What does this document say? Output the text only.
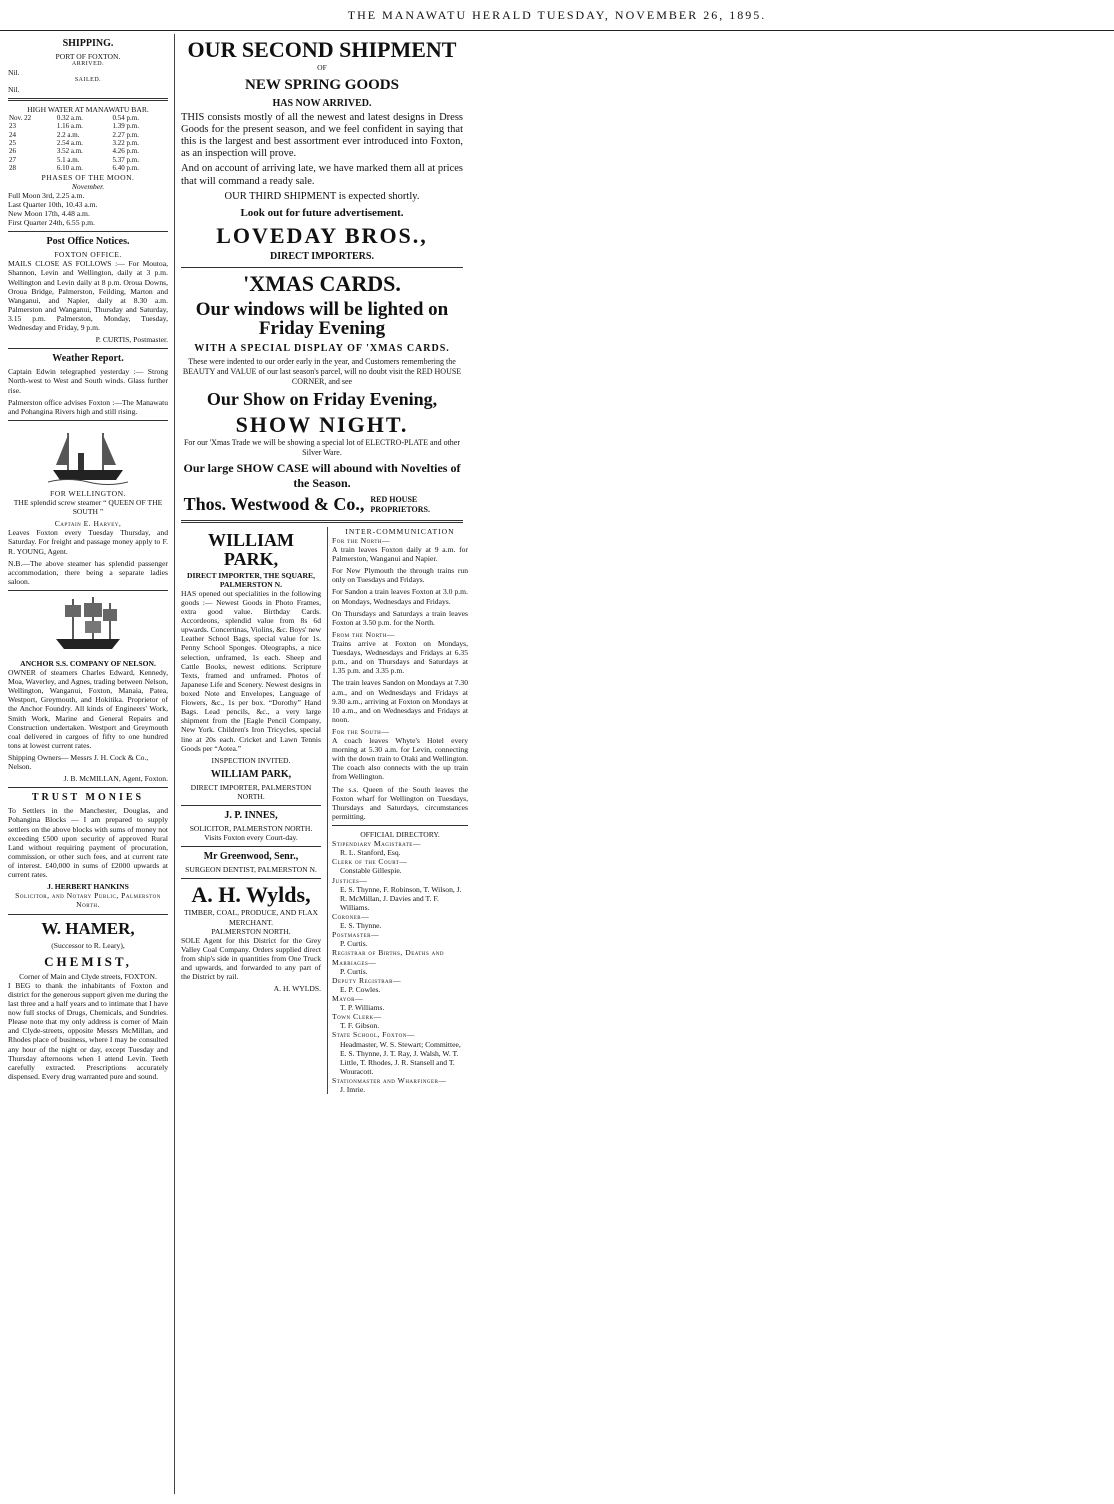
THE MANAWATU HERALD TUESDAY, NOVEMBER 26, 1895.
SHIPPING.
PORT OF FOXTON.
ARRIVED.
Nil.
SAILED.
Nil.
HIGH WATER AT MANAWATU BAR.
Nov. 22	0.32 a.m.	0.54 p.m.
23	1.16 a.m.	1.39 p.m.
24	2.2 a.m.	2.27 p.m.
25	2.54 a.m.	3.22 p.m.
26	3.52 a.m.	4.26 p.m.
27	5.1 a.m.	5.37 p.m.
28	6.10 a.m.	6.40 p.m.
PHASES OF THE MOON.
November.
Full Moon 3rd, 2.25 a.m.
Last Quarter 10th, 10.43 a.m.
New Moon 17th, 4.48 a.m.
First Quarter 24th, 6.55 p.m.
Post Office Notices.
FOXTON OFFICE.

MAILS CLOSE AS FOLLOWS :— For Moutoa, Shannon, Levin and Wellington, daily at 3 p.m. Wellington and Levin daily at 8 p.m. Oroua Downs, Oroua Bridge, Palmerston, Feilding, Marton and Wanganui, and Napier, daily at 8.30 a.m. Palmerston and Wanganui, Thursday and Saturday, 3.15 p.m. Palmerston, Monday, Tuesday, Wednesday and Friday, 9 p.m.

P. CURTIS, Postmaster.
Weather Report.

Captain Edwin telegraphed yesterday :— Strong North-west to West and South winds. Glass further rise.

Palmerston office advises Foxton :—The Manawatu and Pohangina Rivers high and still rising.

FOR WELLINGTON.

THE splendid screw steamer “ QUEEN OF THE SOUTH ”

Captain E. Harvey,

Leaves Foxton every Tuesday Thursday, and Saturday. For freight and passage money apply to F. R. YOUNG, Agent.

N.B.—The above steamer has splendid passenger accommodation, there being a separate ladies saloon.

ANCHOR S.S. COMPANY OF NELSON.

OWNER of steamers Charles Edward, Kennedy, Moa, Waverley, and Agnes, trading between Nelson, Wellington, Wanganui, Foxton, Manaia, Patea, Westport, Greymouth, and Hokitika. Proprietor of the Anchor Foundry. All kinds of Engineers' Work, Smith Work, Marine and General Repairs and Construction undertaken. Westport and Greymouth coal delivered in cargoes of fifty to one hundred tons at lowest current rates.

Shipping Owners— Messrs J. H. Cock & Co., Nelson.

J. B. McMILLAN, Agent, Foxton.
TRUST MONIES

To Settlers in the Manchester, Douglas, and Pohangina Blocks — I am prepared to supply settlers on the above blocks with sums of money not exceeding £500 upon security of approved Rural Land without requiring payment of procuration, commission, or other such fees, and at current rate of interest. £40,000 in sums of £2000 upwards at current rates.

J. HERBERT HANKINS
Solicitor, and Notary Public, Palmerston North.
W. HAMER,
(Successor to R. Leary),
CHEMIST,
Corner of Main and Clyde streets, FOXTON.

I BEG to thank the inhabitants of Foxton and district for the generous support given me during the last three and a half years and to intimate that I have now full stocks of Drugs, Chemicals, and Sundries. Please note that my only address is corner of Main and Clyde-streets, opposite Messrs McMillan, and Rhodes place of business, where I may be consulted any hour of the night or day, except Tuesday and Thursday afternoons when I attend Levin. Teeth carefully extracted. Prescriptions accurately dispensed. Every drug warranted pure and sound.

OUR SECOND SHIPMENT
OF
NEW SPRING GOODS
HAS NOW ARRIVED.

THIS consists mostly of all the newest and latest designs in Dress Goods for the present season, and we feel confident in saying that this is the largest and best assortment ever introduced into Foxton, as an inspection will prove.

And on account of arriving late, we have marked them all at prices that will command a ready sale.

OUR THIRD SHIPMENT is expected shortly.
Look out for future advertisement.
LOVEDAY BROS.,
DIRECT IMPORTERS.
'XMAS CARDS.
Our windows will be lighted on Friday Evening
WITH A SPECIAL DISPLAY OF 'XMAS CARDS.

These were indented to our order early in the year, and Customers remembering the BEAUTY and VALUE of our last season's parcel, will no doubt visit the RED HOUSE CORNER, and see

Our Show on Friday Evening,
SHOW NIGHT.

For our 'Xmas Trade we will be showing a special lot of ELECTRO-PLATE and other Silver Ware.

Our large SHOW CASE will abound with Novelties of the Season.
Thos. Westwood & Co., RED HOUSE PROPRIETORS.
WILLIAM PARK,
DIRECT IMPORTER, THE SQUARE, PALMERSTON N.

HAS opened out specialities in the following goods :— Newest Goods in Photo Frames, extra good value. Birthday Cards. Accordeons, splendid value from 8s 6d upwards. Concertinas, Violins, &c. Boys' new Leather School Bags, special value for 1s. Penny School Sponges. Oleographs, a nice selection, unframed, 1s each. Sheep and Cattle Books, newest editions. Scripture Texts, framed and unframed. Photos of Japanese Life and Scenery. Newest designs in boxed Note and Envelopes, Language of Flowers, &c., 1s per box. “Dorothy” Hand Bags. Lead pencils, &c., a very large shipment from the [Eagle Pencil Company, New York. Children's Iron Tricycles, special line at 20s each. Cricket and Lawn Tennis Goods per “Aotea.”

INSPECTION INVITED.
WILLIAM PARK,
DIRECT IMPORTER, PALMERSTON NORTH.
J. P. INNES,
SOLICITOR, PALMERSTON NORTH. Visits Foxton every Court-day.
Mr Greenwood, Senr.,
SURGEON DENTIST, PALMERSTON N.
A. H. Wylds,
TIMBER, COAL, PRODUCE, AND FLAX MERCHANT.
PALMERSTON NORTH.

SOLE Agent for this District for the Grey Valley Coal Company. Orders supplied direct from ship's side in quantities from One Truck and upwards, and forwarded to any part of the District by rail.

A. H. WYLDS.
INTER-COMMUNICATION
For the North—

A train leaves Foxton daily at 9 a.m. for Palmerston, Wanganui and Napier.

For New Plymouth the through trains run only on Tuesdays and Fridays.

For Sandon a train leaves Foxton at 3.0 p.m. on Mondays, Wednesdays and Fridays.

On Thursdays and Saturdays a train leaves Foxton at 3.50 p.m. for the North.

From the North—

Trains arrive at Foxton on Mondays, Tuesdays, Wednesdays and Fridays at 6.35 p.m., and on Thursdays and Saturdays at 1.35 p.m. and 3.35 p.m.

The train leaves Sandon on Mondays at 7.30 a.m., and on Wednesdays and Fridays at 9.30 a.m., arriving at Foxton on Mondays at 10 a.m., and on Wednesdays and Fridays at noon.

For the South—

A coach leaves Whyte's Hotel every morning at 5.30 a.m. for Levin, connecting with the down train to Otaki and Wellington. The coach also connects with the up train from Wellington.

The s.s. Queen of the South leaves the Foxton wharf for Wellington on Tuesdays, Thursdays and Saturdays, circumstances permitting.

OFFICIAL DIRECTORY.
Stipendiary Magistrate—
R. L. Stanford, Esq.
Clerk of the Court—
Constable Gillespie.
Justices—
E. S. Thynne, F. Robinson, T. Wilson, J. R. McMillan, J. Davies and T. F. Williams.
Coroner—
E. S. Thynne.
Postmaster—
P. Curtis.
Registrar of Births, Deaths and Marriages—
P. Curtis.
Deputy Registrar—
E. P. Cowles.
Mayor—
T. P. Williams.
Town Clerk—
T. F. Gibson.
State School, Foxton—
Headmaster, W. S. Stewart; Committee, E. S. Thynne, J. T. Ray, J. Walsh, W. T. Little, T. Rhodes, J. R. Stansell and T. Wouracott.
Stationmaster and Wharfinger—
J. Imrie.
